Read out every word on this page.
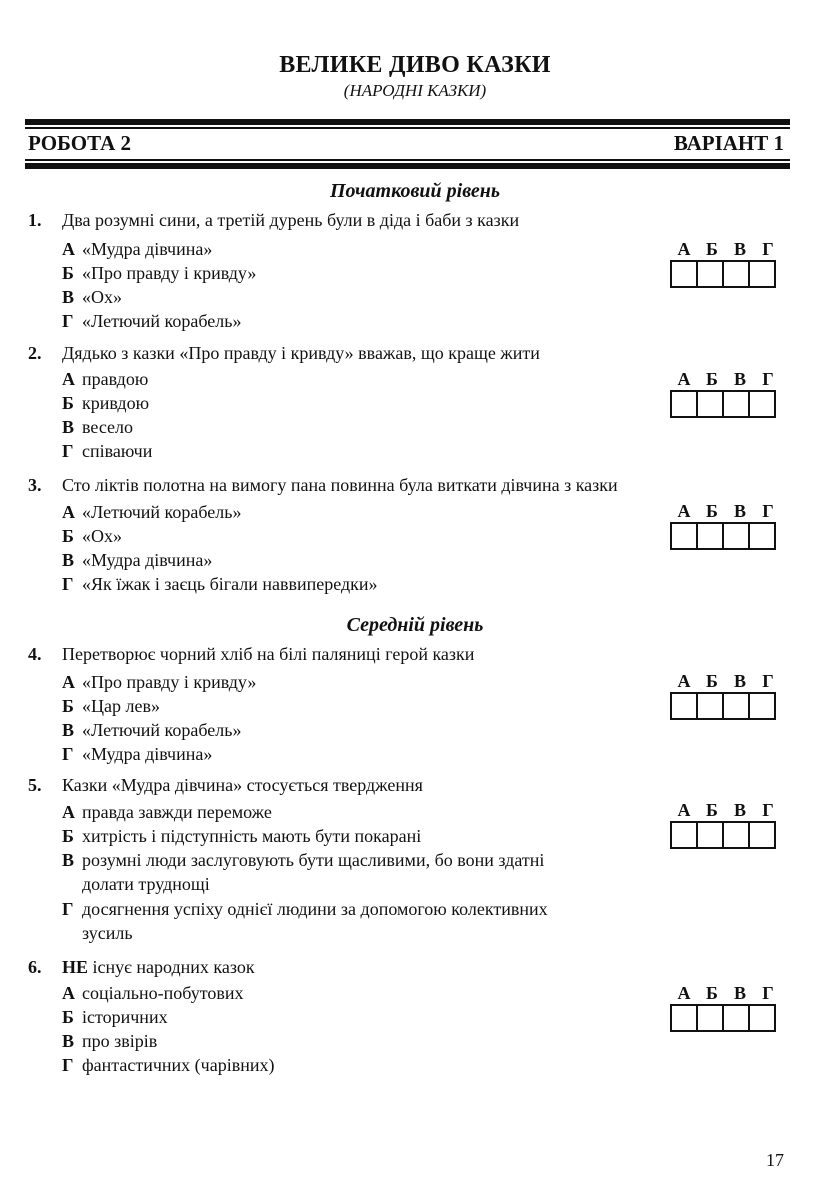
ВЕЛИКЕ ДИВО КАЗКИ
(НАРОДНІ КАЗКИ)
РОБОТА 2	ВАРІАНТ 1
Початковий рівень
Середній рівень
1. Два розумні сини, а третій дурень були в діда і баби з казки
А «Мудра дівчина»
Б «Про правду і кривду»
В «Ох»
Г «Летючий корабель»
А Б В Г
2. Дядько з казки «Про правду і кривду» вважав, що краще жити
А правдою
Б кривдою
В весело
Г співаючи
А Б В Г
3. Сто ліктів полотна на вимогу пана повинна була виткати дівчина з казки
А «Летючий корабель»
Б «Ох»
В «Мудра дівчина»
Г «Як їжак і заєць бігали наввипередки»
А Б В Г
4. Перетворює чорний хліб на білі паляниці герой казки
А «Про правду і кривду»
Б «Цар лев»
В «Летючий корабель»
Г «Мудра дівчина»
А Б В Г
5. Казки «Мудра дівчина» стосується твердження
А правда завжди переможе
Б хитрість і підступність мають бути покарані
В розумні люди заслуговують бути щасливими, бо вони здатні
долати труднощі
Г досягнення успіху однієї людини за допомогою колективних
зусиль
А Б В Г
6. НЕ існує народних казок
А соціально-побутових
Б історичних
В про звірів
Г фантастичних (чарівних)
А Б В Г
17
